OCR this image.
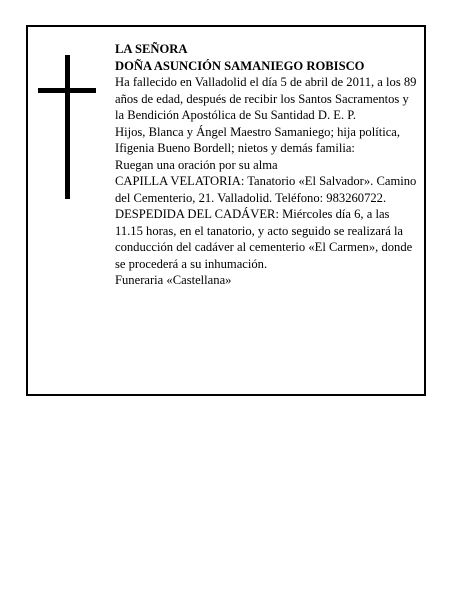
LA SEÑORA
DOÑA ASUNCIÓN SAMANIEGO ROBISCO
Ha fallecido en Valladolid el día 5 de abril de 2011, a los 89 años de edad, después de recibir los Santos Sacramentos y la Bendición Apostólica de Su Santidad D. E. P.
Hijos, Blanca y Ángel Maestro Samaniego; hija política, Ifigenia Bueno Bordell; nietos y demás familia:
Ruegan una oración por su alma
CAPILLA VELATORIA: Tanatorio «El Salvador». Camino del Cementerio, 21. Valladolid. Teléfono: 983260722.
DESPEDIDA DEL CADÁVER: Miércoles día 6, a las 11.15 horas, en el tanatorio, y acto seguido se realizará la conducción del cadáver al cementerio «El Carmen», donde se procederá a su inhumación.
Funeraria «Castellana»
